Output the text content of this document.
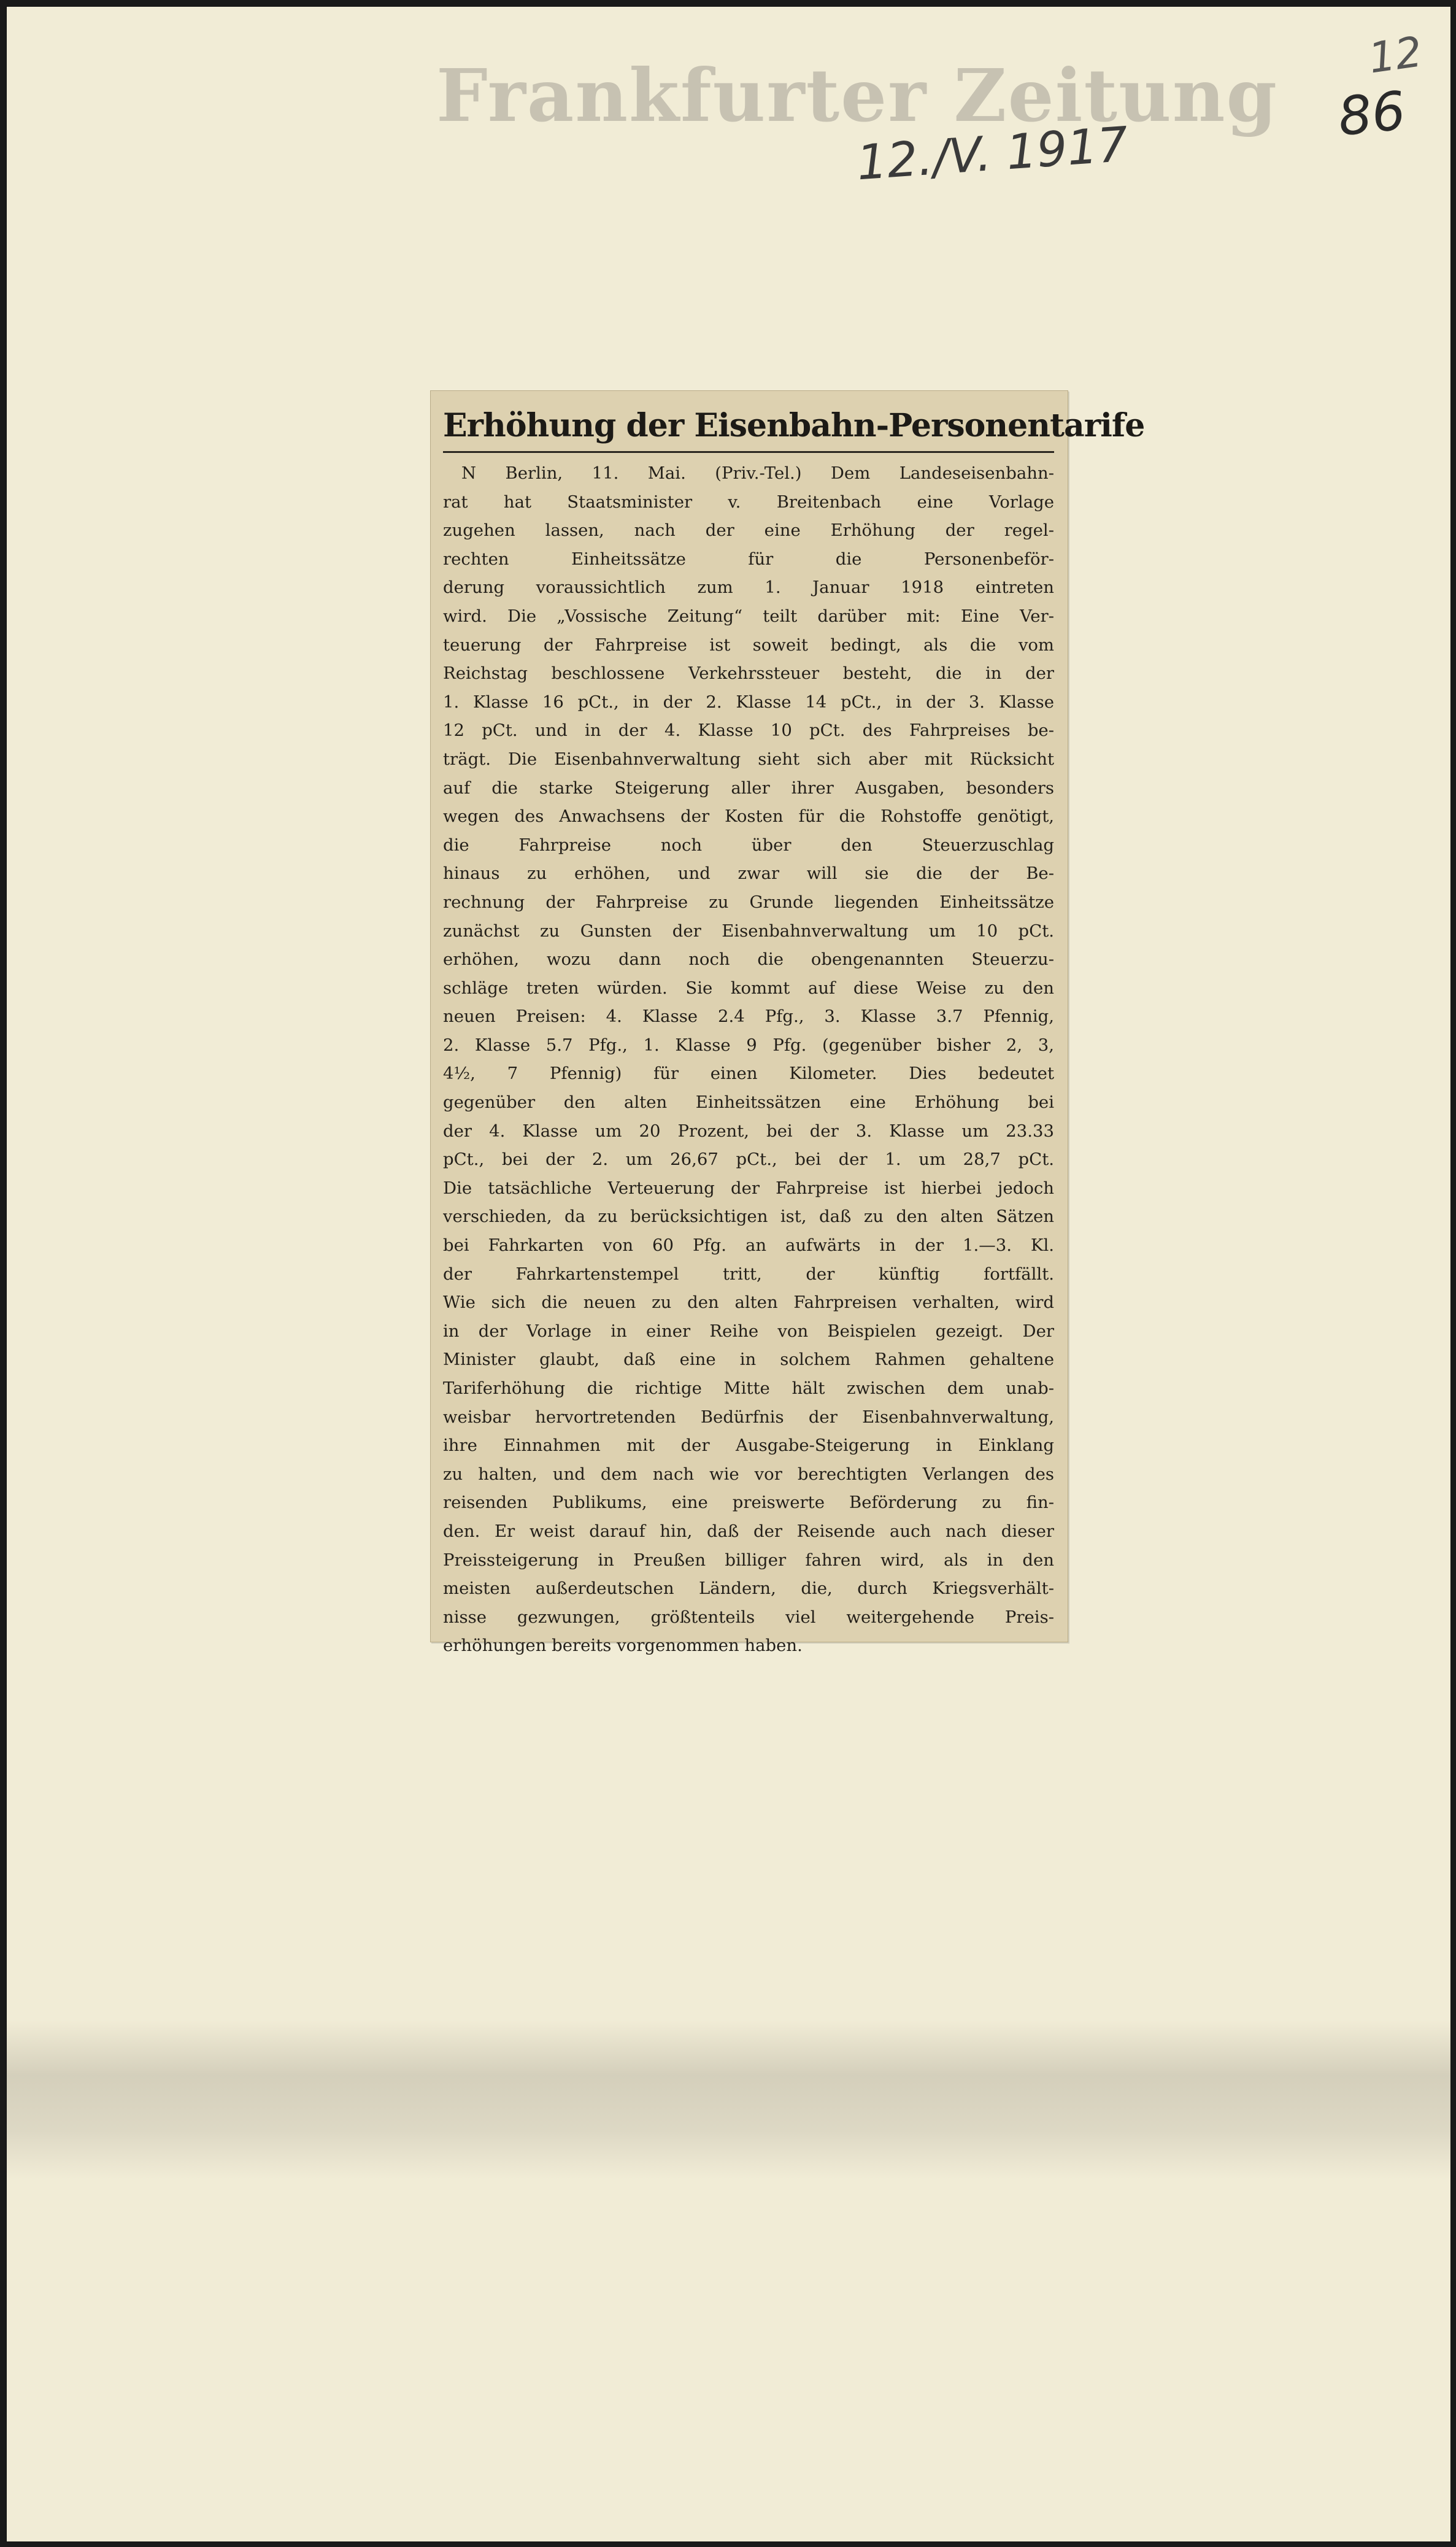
Frankfurter Zeitung
12./V. 1917
12
86
Erhöhung der Eisenbahn-Personentarife
N Berlin, 11. Mai. (Priv.-Tel.) Dem Landeseisenbahn-
rat hat Staatsminister v. Breitenbach eine Vorlage
zugehen lassen, nach der eine Erhöhung der regel-
rechten Einheitssätze für die Personenbeför-
derung voraussichtlich zum 1. Januar 1918 eintreten
wird. Die „Vossische Zeitung“ teilt darüber mit: Eine Ver-
teuerung der Fahrpreise ist soweit bedingt, als die vom
Reichstag beschlossene Verkehrssteuer besteht, die in der
1. Klasse 16 pCt., in der 2. Klasse 14 pCt., in der 3. Klasse
12 pCt. und in der 4. Klasse 10 pCt. des Fahrpreises be-
trägt. Die Eisenbahnverwaltung sieht sich aber mit Rücksicht
auf die starke Steigerung aller ihrer Ausgaben, besonders
wegen des Anwachsens der Kosten für die Rohstoffe genötigt,
die Fahrpreise noch über den Steuerzuschlag
hinaus zu erhöhen, und zwar will sie die der Be-
rechnung der Fahrpreise zu Grunde liegenden Einheitssätze
zunächst zu Gunsten der Eisenbahnverwaltung um 10 pCt.
erhöhen, wozu dann noch die obengenannten Steuerzu-
schläge treten würden. Sie kommt auf diese Weise zu den
neuen Preisen: 4. Klasse 2.4 Pfg., 3. Klasse 3.7 Pfennig,
2. Klasse 5.7 Pfg., 1. Klasse 9 Pfg. (gegenüber bisher 2, 3,
4½, 7 Pfennig) für einen Kilometer. Dies bedeutet
gegenüber den alten Einheitssätzen eine Erhöhung bei
der 4. Klasse um 20 Prozent, bei der 3. Klasse um 23.33
pCt., bei der 2. um 26,67 pCt., bei der 1. um 28,7 pCt.
Die tatsächliche Verteuerung der Fahrpreise ist hierbei jedoch
verschieden, da zu berücksichtigen ist, daß zu den alten Sätzen
bei Fahrkarten von 60 Pfg. an aufwärts in der 1.—3. Kl.
der Fahrkartenstempel tritt, der künftig fortfällt.
Wie sich die neuen zu den alten Fahrpreisen verhalten, wird
in der Vorlage in einer Reihe von Beispielen gezeigt. Der
Minister glaubt, daß eine in solchem Rahmen gehaltene
Tariferhöhung die richtige Mitte hält zwischen dem unab-
weisbar hervortretenden Bedürfnis der Eisenbahnverwaltung,
ihre Einnahmen mit der Ausgabe-Steigerung in Einklang
zu halten, und dem nach wie vor berechtigten Verlangen des
reisenden Publikums, eine preiswerte Beförderung zu fin-
den. Er weist darauf hin, daß der Reisende auch nach dieser
Preissteigerung in Preußen billiger fahren wird, als in den
meisten außerdeutschen Ländern, die, durch Kriegsverhält-
nisse gezwungen, größtenteils viel weitergehende Preis-
erhöhungen bereits vorgenommen haben.
